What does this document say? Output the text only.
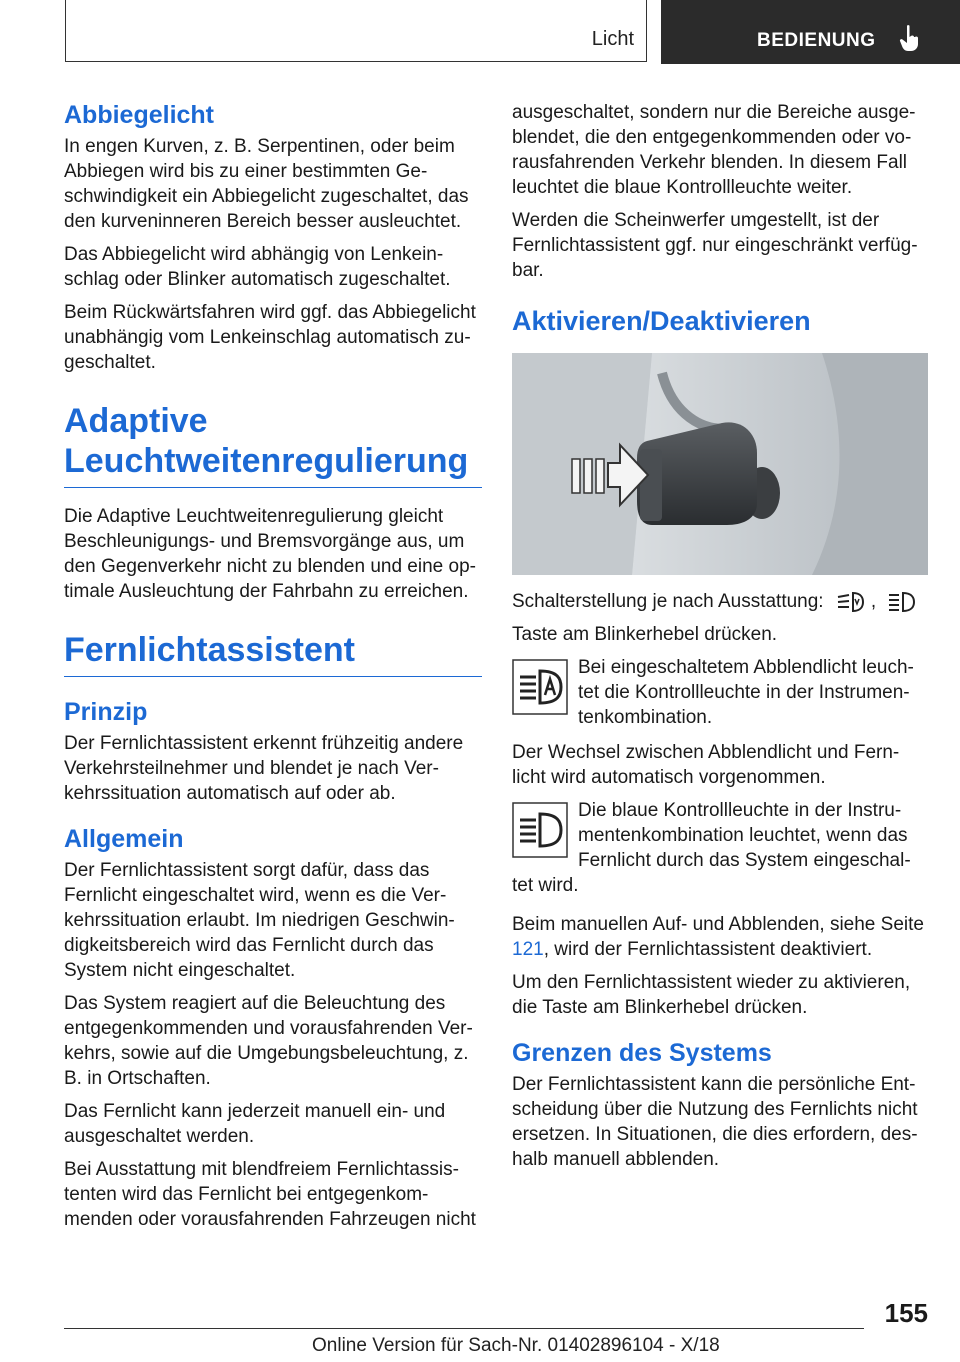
Licht	BEDIENUNG
Abbiegelicht

In engen Kurven, z. B. Serpentinen, oder beim Abbiegen wird bis zu einer bestimmten Ge-schwindigkeit ein Abbiegelicht zugeschaltet, das den kurveninneren Bereich besser ausleuchtet.

Das Abbiegelicht wird abhängig von Lenkein-schlag oder Blinker automatisch zugeschaltet.

Beim Rückwärtsfahren wird ggf. das Abbiegelicht unabhängig vom Lenkeinschlag automatisch zu-geschaltet.

Adaptive
Leuchtweitenregulierung

Die Adaptive Leuchtweitenregulierung gleicht Beschleunigungs- und Bremsvorgänge aus, um den Gegenverkehr nicht zu blenden und eine op-timale Ausleuchtung der Fahrbahn zu erreichen.

Fernlichtassistent
Prinzip

Der Fernlichtassistent erkennt frühzeitig andere Verkehrsteilnehmer und blendet je nach Ver-kehrssituation automatisch auf oder ab.

Allgemein

Der Fernlichtassistent sorgt dafür, dass das Fernlicht eingeschaltet wird, wenn es die Ver-kehrssituation erlaubt. Im niedrigen Geschwin-digkeitsbereich wird das Fernlicht durch das System nicht eingeschaltet.

Das System reagiert auf die Beleuchtung des entgegenkommenden und vorausfahrenden Ver-kehrs, sowie auf die Umgebungsbeleuchtung, z. B. in Ortschaften.

Das Fernlicht kann jederzeit manuell ein- und ausgeschaltet werden.

Bei Ausstattung mit blendfreiem Fernlichtassis-tenten wird das Fernlicht bei entgegenkom-menden oder vorausfahrenden Fahrzeugen nicht

ausgeschaltet, sondern nur die Bereiche ausge-blendet, die den entgegenkommenden oder vo-rausfahrenden Verkehr blenden. In diesem Fall leuchtet die blaue Kontrollleuchte weiter.

Werden die Scheinwerfer umgestellt, ist der Fernlichtassistent ggf. nur eingeschränkt verfüg-bar.

Aktivieren/Deaktivieren

Schalterstellung je nach Ausstattung: ,

Taste am Blinkerhebel drücken.

Bei eingeschaltetem Abblendlicht leuch-tet die Kontrollleuchte in der Instrumen-tenkombination.

Der Wechsel zwischen Abblendlicht und Fern-licht wird automatisch vorgenommen.

Die blaue Kontrollleuchte in der Instru-mentenkombination leuchtet, wenn das Fernlicht durch das System eingeschal-

tet wird.

Beim manuellen Auf- und Abblenden, siehe Seite 121, wird der Fernlichtassistent deaktiviert.

Um den Fernlichtassistent wieder zu aktivieren, die Taste am Blinkerhebel drücken.

Grenzen des Systems

Der Fernlichtassistent kann die persönliche Ent-scheidung über die Nutzung des Fernlichts nicht ersetzen. In Situationen, die dies erfordern, des-halb manuell abblenden.

155
Online Version für Sach-Nr. 01402896104 - X/18
